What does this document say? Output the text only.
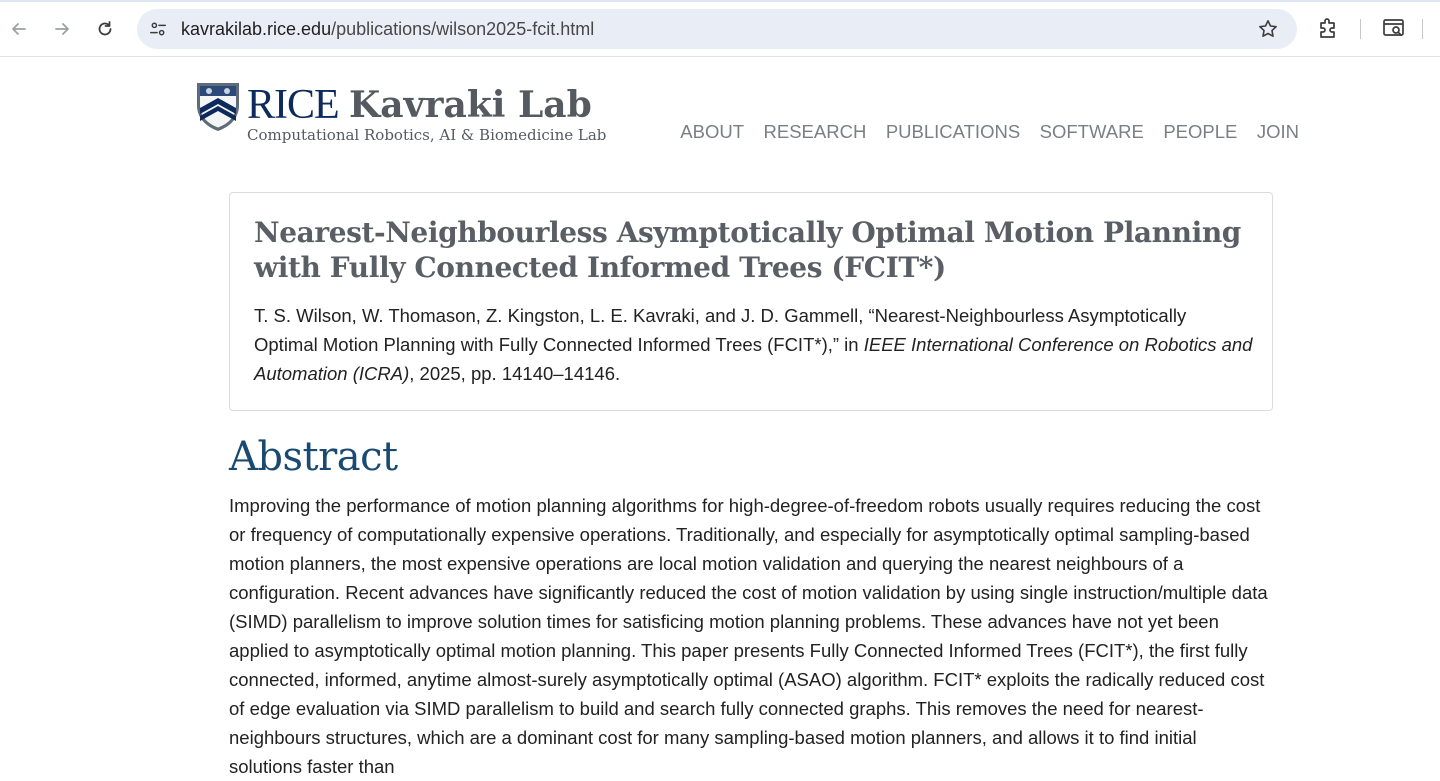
kavrakilab.rice.edu/publications/wilson2025-fcit.html
RICE Kavraki Lab
Computational Robotics, AI & Biomedicine Lab	ABOUT RESEARCH PUBLICATIONS SOFTWARE PEOPLE JOIN
Nearest-Neighbourless Asymptotically Optimal Motion Planning with Fully Connected Informed Trees (FCIT*)

T. S. Wilson, W. Thomason, Z. Kingston, L. E. Kavraki, and J. D. Gammell, “Nearest-Neighbourless Asymptotically Optimal Motion Planning with Fully Connected Informed Trees (FCIT*),” in IEEE International Conference on Robotics and Automation (ICRA), 2025, pp. 14140–14146.

Abstract

Improving the performance of motion planning algorithms for high-degree-of-freedom robots usually requires reducing the cost or frequency of computationally expensive operations. Traditionally, and especially for asymptotically optimal sampling-based motion planners, the most expensive operations are local motion validation and querying the nearest neighbours of a configuration. Recent advances have significantly reduced the cost of motion validation by using single instruction/multiple data (SIMD) parallelism to improve solution times for satisficing motion planning problems. These advances have not yet been applied to asymptotically optimal motion planning. This paper presents Fully Connected Informed Trees (FCIT*), the first fully connected, informed, anytime almost-surely asymptotically optimal (ASAO) algorithm. FCIT* exploits the radically reduced cost of edge evaluation via SIMD parallelism to build and search fully connected graphs. This removes the need for nearest-neighbours structures, which are a dominant cost for many sampling-based motion planners, and allows it to find initial solutions faster than
